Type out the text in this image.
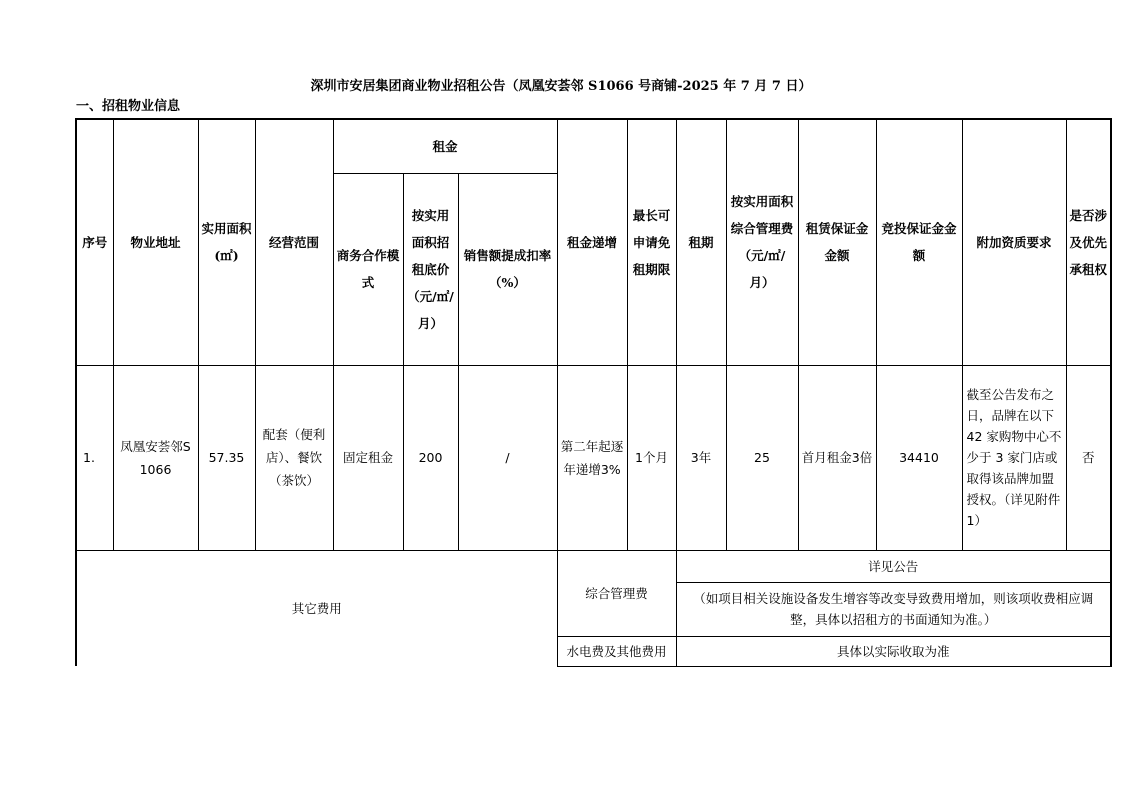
深圳市安居集团商业物业招租公告（凤凰安荟邻 S1066 号商铺-2025 年 7 月 7 日）
一、招租物业信息
序号	物业地址	实用面积(㎡)	经营范围	租金			租金递增	最长可申请免租期限	租期	按实用面积综合管理费（元/㎡/月）	租赁保证金金额	竞投保证金金额	附加资质要求	是否涉及优先承租权
				商务合作模式	按实用面积招租底价（元/㎡/月）	销售额提成扣率（%）								
1.	凤凰安荟邻S1066	57.35	配套（便利店）、餐饮（茶饮）	固定租金	200	/	第二年起逐年递增3%	1个月	3年	25	首月租金3倍	34410	截至公告发布之日，品牌在以下 42 家购物中心不少于 3 家门店或取得该品牌加盟授权。（详见附件1）	否
其它费用							综合管理费		详见公告					
									（如项目相关设施设备发生增容等改变导致费用增加，则该项收费相应调整，具体以招租方的书面通知为准。）					
							水电费及其他费用		具体以实际收取为准					
